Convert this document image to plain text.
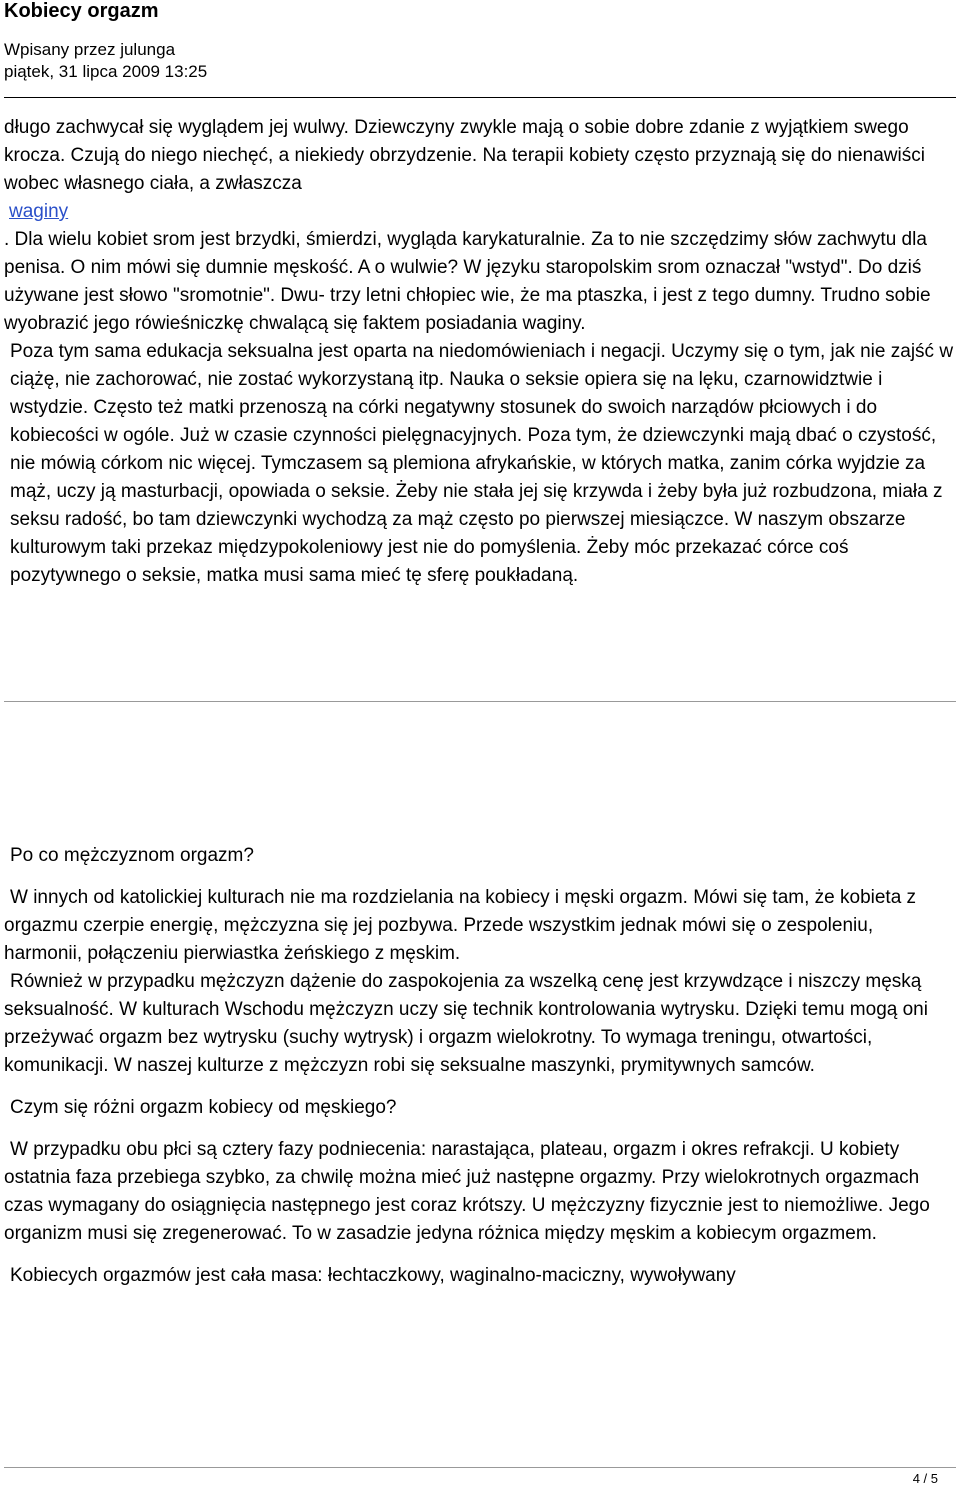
Kobiecy orgazm
Wpisany przez julunga
piątek, 31 lipca 2009 13:25
długo zachwycał się wyglądem jej wulwy. Dziewczyny zwykle mają o sobie dobre zdanie z wyjątkiem swego krocza. Czują do niego niechęć, a niekiedy obrzydzenie. Na terapii kobiety często przyznają się do nienawiści wobec własnego ciała, a zwłaszcza
waginy
. Dla wielu kobiet srom jest brzydki, śmierdzi, wygląda karykaturalnie. Za to nie szczędzimy słów zachwytu dla penisa. O nim mówi się dumnie męskość. A o wulwie? W języku staropolskim srom oznaczał "wstyd". Do dziś używane jest słowo "sromotnie". Dwu- trzy letni chłopiec wie, że ma ptaszka, i jest z tego dumny. Trudno sobie wyobrazić jego rówieśniczkę chwalącą się faktem posiadania waginy.
Poza tym sama edukacja seksualna jest oparta na niedomówieniach i negacji. Uczymy się o tym, jak nie zajść w ciążę, nie zachorować, nie zostać wykorzystaną itp. Nauka o seksie opiera się na lęku, czarnowidztwie i wstydzie. Często też matki przenoszą na córki negatywny stosunek do swoich narządów płciowych i do kobiecości w ogóle. Już w czasie czynności pielęgnacyjnych. Poza tym, że dziewczynki mają dbać o czystość, nie mówią córkom nic więcej. Tymczasem są plemiona afrykańskie, w których matka, zanim córka wyjdzie za mąż, uczy ją masturbacji, opowiada o seksie. Żeby nie stała jej się krzywda i żeby była już rozbudzona, miała z seksu radość, bo tam dziewczynki wychodzą za mąż często po pierwszej miesiączce. W naszym obszarze kulturowym taki przekaz międzypokoleniowy jest nie do pomyślenia. Żeby móc przekazać córce coś pozytywnego o seksie, matka musi sama mieć tę sferę poukładaną.
Po co mężczyznom orgazm?
W innych od katolickiej kulturach nie ma rozdzielania na kobiecy i męski orgazm. Mówi się tam, że kobieta z orgazmu czerpie energię, mężczyzna się jej pozbywa. Przede wszystkim jednak mówi się o zespoleniu, harmonii, połączeniu pierwiastka żeńskiego z męskim.
Również w przypadku mężczyzn dążenie do zaspokojenia za wszelką cenę jest krzywdzące i niszczy męską seksualność. W kulturach Wschodu mężczyzn uczy się technik kontrolowania wytrysku. Dzięki temu mogą oni przeżywać orgazm bez wytrysku (suchy wytrysk) i orgazm wielokrotny. To wymaga treningu, otwartości, komunikacji. W naszej kulturze z mężczyzn robi się seksualne maszynki, prymitywnych samców.
Czym się różni orgazm kobiecy od męskiego?
W przypadku obu płci są cztery fazy podniecenia: narastająca, plateau, orgazm i okres refrakcji. U kobiety ostatnia faza przebiega szybko, za chwilę można mieć już następne orgazmy. Przy wielokrotnych orgazmach czas wymagany do osiągnięcia następnego jest coraz krótszy. U mężczyzny fizycznie jest to niemożliwe. Jego organizm musi się zregenerować. To w zasadzie jedyna różnica między męskim a kobiecym orgazmem.
Kobiecych orgazmów jest cała masa: łechtaczkowy, waginalno-maciczny, wywoływany
4 / 5
